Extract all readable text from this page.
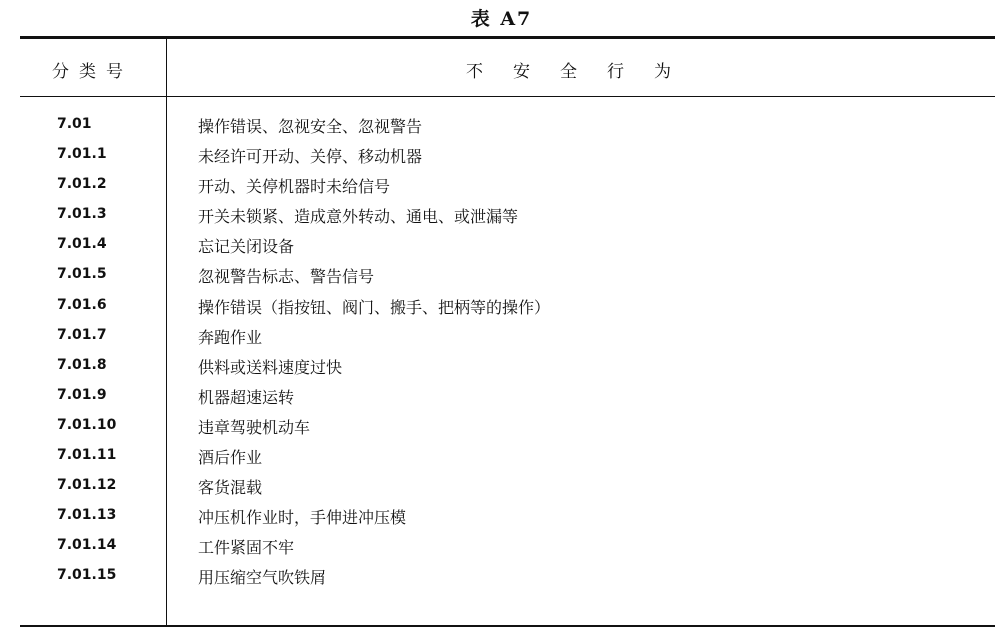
表 A7
分类号	不安全行为
7.01	操作错误、忽视安全、忽视警告
7.01.1	未经许可开动、关停、移动机器
7.01.2	开动、关停机器时未给信号
7.01.3	开关未锁紧、造成意外转动、通电、或泄漏等
7.01.4	忘记关闭设备
7.01.5	忽视警告标志、警告信号
7.01.6	操作错误（指按钮、阀门、搬手、把柄等的操作）
7.01.7	奔跑作业
7.01.8	供料或送料速度过快
7.01.9	机器超速运转
7.01.10	违章驾驶机动车
7.01.11	酒后作业
7.01.12	客货混载
7.01.13	冲压机作业时，手伸进冲压模
7.01.14	工件紧固不牢
7.01.15	用压缩空气吹铁屑
